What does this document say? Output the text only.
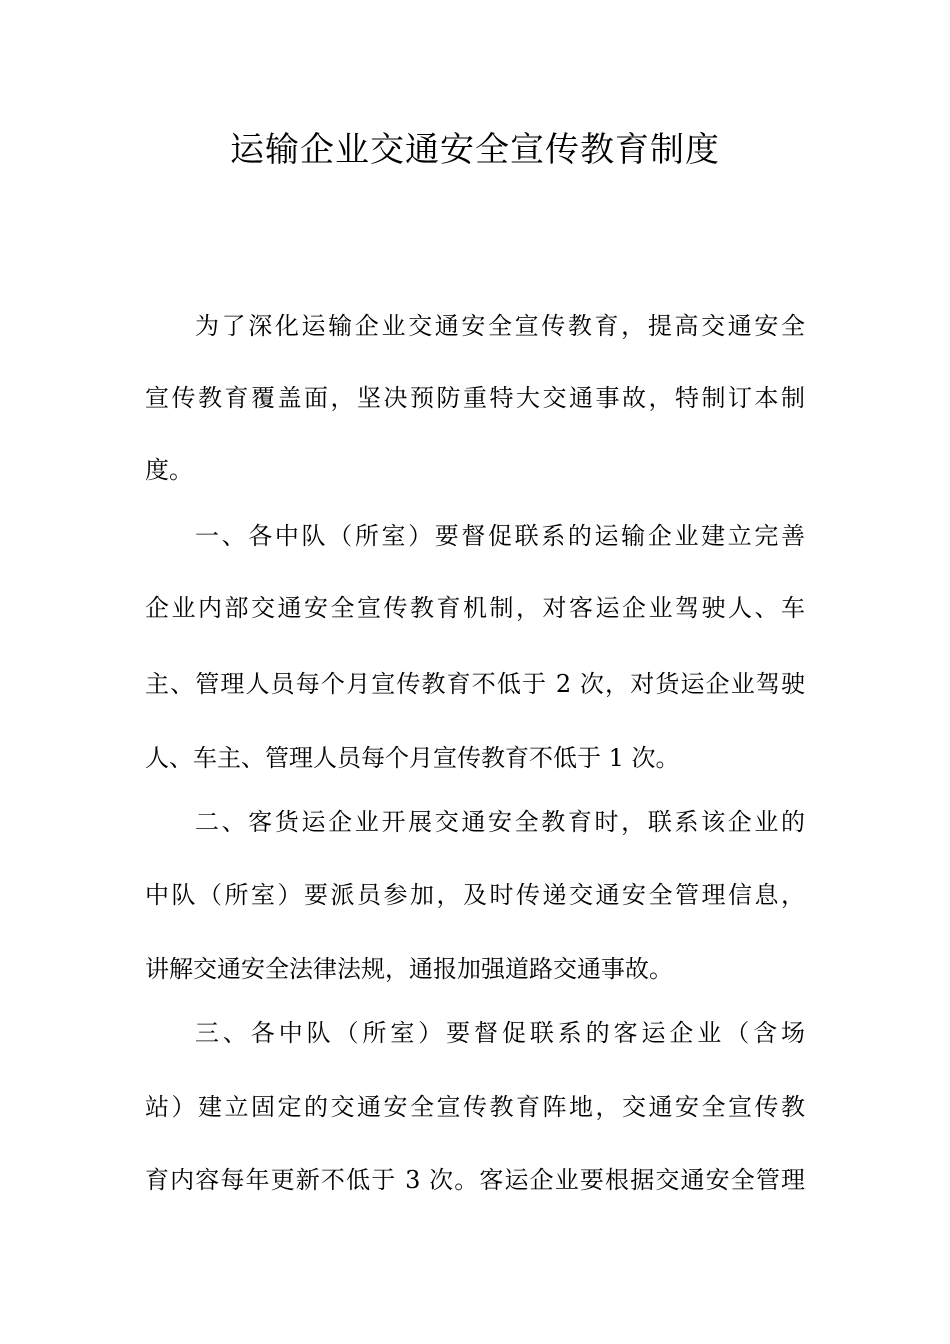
运输企业交通安全宣传教育制度
为了深化运输企业交通安全宣传教育，提高交通安全
宣传教育覆盖面，坚决预防重特大交通事故，特制订本制
度。
一、各中队（所室）要督促联系的运输企业建立完善
企业内部交通安全宣传教育机制，对客运企业驾驶人、车
主、管理人员每个月宣传教育不低于 2 次，对货运企业驾驶
人、车主、管理人员每个月宣传教育不低于 1 次。
二、客货运企业开展交通安全教育时，联系该企业的
中队（所室）要派员参加，及时传递交通安全管理信息，
讲解交通安全法律法规，通报加强道路交通事故。
三、各中队（所室）要督促联系的客运企业（含场
站）建立固定的交通安全宣传教育阵地，交通安全宣传教
育内容每年更新不低于 3 次。客运企业要根据交通安全管理
